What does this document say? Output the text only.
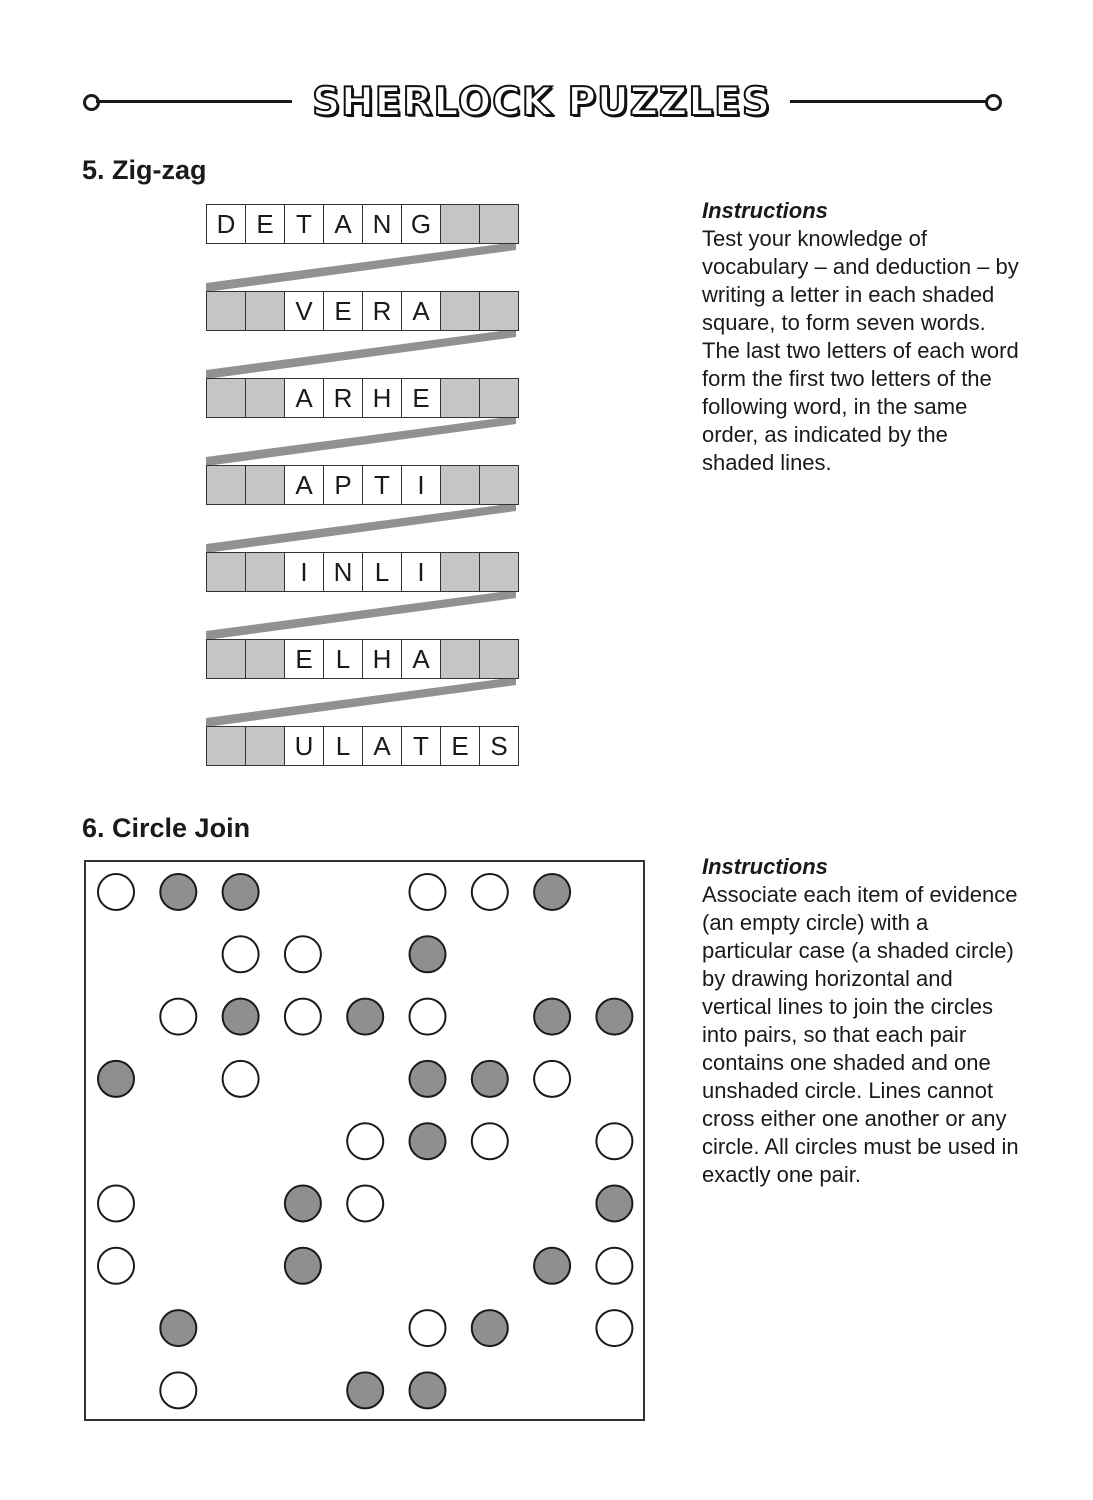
SHERLOCK PUZZLES
5. Zig-zag
D E T A N G
V E R A
A R H E
A P T	I
I	N L	I
E L H A
U L A T E S
Instructions
Test your knowledge of vocabulary – and deduction – by writing a letter in each shaded square, to form seven words. The last two letters of each word form the first two letters of the following word, in the same order, as indicated by the shaded lines.
6. Circle Join
Instructions
Associate each item of evidence (an empty circle) with a particular case (a shaded circle) by drawing horizontal and vertical lines to join the circles into pairs, so that each pair contains one shaded and one unshaded circle. Lines cannot cross either one another or any circle. All circles must be used in exactly one pair.
